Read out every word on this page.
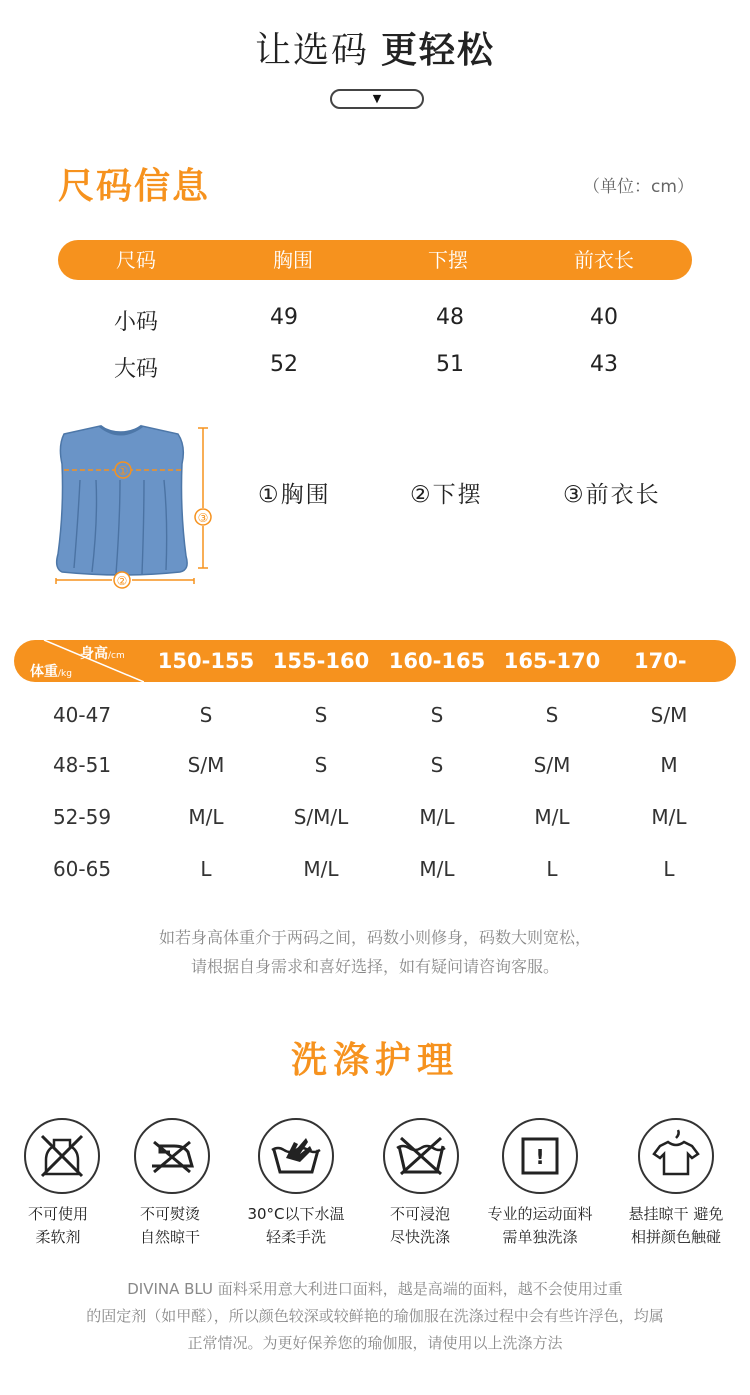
让选码 更轻松
▼
尺码信息	（单位：cm）
尺码	胸围	下摆	前衣长
小码	49	48	40
大码	52	51	43
①
②
③
①胸围	②下摆	③前衣长
身高/cm
体重/kg
150-155 155-160 160-165 165-170 170-
40-47	S	S	S	S	S/M
48-51	S/M	S	S	S/M	M
52-59	M/L	S/M/L	M/L	M/L	M/L
60-65	L	M/L	M/L	L	L
如若身高体重介于两码之间，码数小则修身，码数大则宽松，
请根据自身需求和喜好选择，如有疑问请咨询客服。
洗涤护理
!
不可使用
柔软剂
不可熨烫
自然晾干
30°C以下水温
轻柔手洗
不可浸泡
尽快洗涤
专业的运动面料
需单独洗涤
悬挂晾干 避免
相拼颜色触碰
DIVINA BLU 面料采用意大利进口面料，越是高端的面料，越不会使用过重
的固定剂（如甲醛），所以颜色较深或较鲜艳的瑜伽服在洗涤过程中会有些许浮色，均属
正常情况。为更好保养您的瑜伽服，请使用以上洗涤方法
